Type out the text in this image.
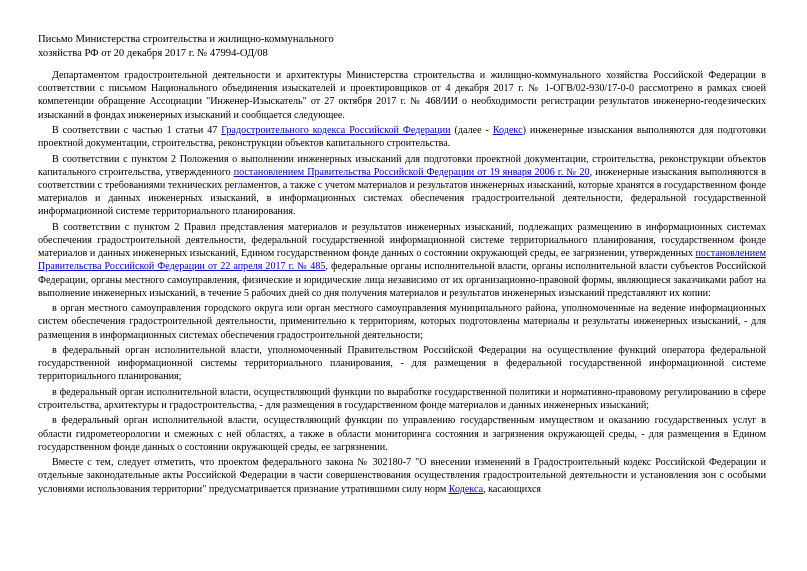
Письмо Министерства строительства и жилищно-коммунального
хозяйства РФ от 20 декабря 2017 г. № 47994-ОД/08

Департаментом градостроительной деятельности и архитектуры Министерства строительства и жилищно-коммунального хозяйства Российской Федерации в соответствии с письмом Национального объединения изыскателей и проектировщиков от 4 декабря 2017 г. № 1-ОГВ/02-930/17-0-0 рассмотрено в рамках своей компетенции обращение Ассоциации "Инженер-Изыскатель" от 27 октября 2017 г. № 468/ИИ о необходимости регистрации результатов инженерно-геодезических изысканий в фондах инженерных изысканий и сообщается следующее.

В соответствии с частью 1 статьи 47 Градостроительного кодекса Российской Федерации (далее - Кодекс) инженерные изыскания выполняются для подготовки проектной документации, строительства, реконструкции объектов капитального строительства.

В соответствии с пунктом 2 Положения о выполнении инженерных изысканий для подготовки проектной документации, строительства, реконструкции объектов капитального строительства, утвержденного постановлением Правительства Российской Федерации от 19 января 2006 г. № 20, инженерные изыскания выполняются в соответствии с требованиями технических регламентов, а также с учетом материалов и результатов инженерных изысканий, которые хранятся в государственном фонде материалов и данных инженерных изысканий, в информационных системах обеспечения градостроительной деятельности, федеральной государственной информационной системе территориального планирования.

В соответствии с пунктом 2 Правил представления материалов и результатов инженерных изысканий, подлежащих размещению в информационных системах обеспечения градостроительной деятельности, федеральной государственной информационной системе территориального планирования, государственном фонде материалов и данных инженерных изысканий, Едином государственном фонде данных о состоянии окружающей среды, ее загрязнении, утвержденных постановлением Правительства Российской Федерации от 22 апреля 2017 г. № 485, федеральные органы исполнительной власти, органы исполнительной власти субъектов Российской Федерации, органы местного самоуправления, физические и юридические лица независимо от их организационно-правовой формы, являющиеся заказчиками работ на выполнение инженерных изысканий, в течение 5 рабочих дней со дня получения материалов и результатов инженерных изысканий представляют их копии:

в орган местного самоуправления городского округа или орган местного самоуправления муниципального района, уполномоченные на ведение информационных систем обеспечения градостроительной деятельности, применительно к территориям, которых подготовлены материалы и результаты инженерных изысканий, - для размещения в информационных системах обеспечения градостроительной деятельности;

в федеральный орган исполнительной власти, уполномоченный Правительством Российской Федерации на осуществление функций оператора федеральной государственной информационной системы территориального планирования, - для размещения в федеральной государственной информационной системе территориального планирования;

в федеральный орган исполнительной власти, осуществляющий функции по выработке государственной политики и нормативно-правовому регулированию в сфере строительства, архитектуры и градостроительства, - для размещения в государственном фонде материалов и данных инженерных изысканий;

в федеральный орган исполнительной власти, осуществляющий функции по управлению государственным имуществом и оказанию государственных услуг в области гидрометеорологии и смежных с ней областях, а также в области мониторинга состояния и загрязнения окружающей среды, - для размещения в Едином государственном фонде данных о состоянии окружающей среды, ее загрязнении.

Вместе с тем, следует отметить, что проектом федерального закона № 302180-7 "О внесении изменений в Градостроительный кодекс Российской Федерации и отдельные законодательные акты Российской Федерации в части совершенствования осуществления градостроительной деятельности и установления зон с особыми условиями использования территории" предусматривается признание утратившими силу норм Кодекса, касающихся
